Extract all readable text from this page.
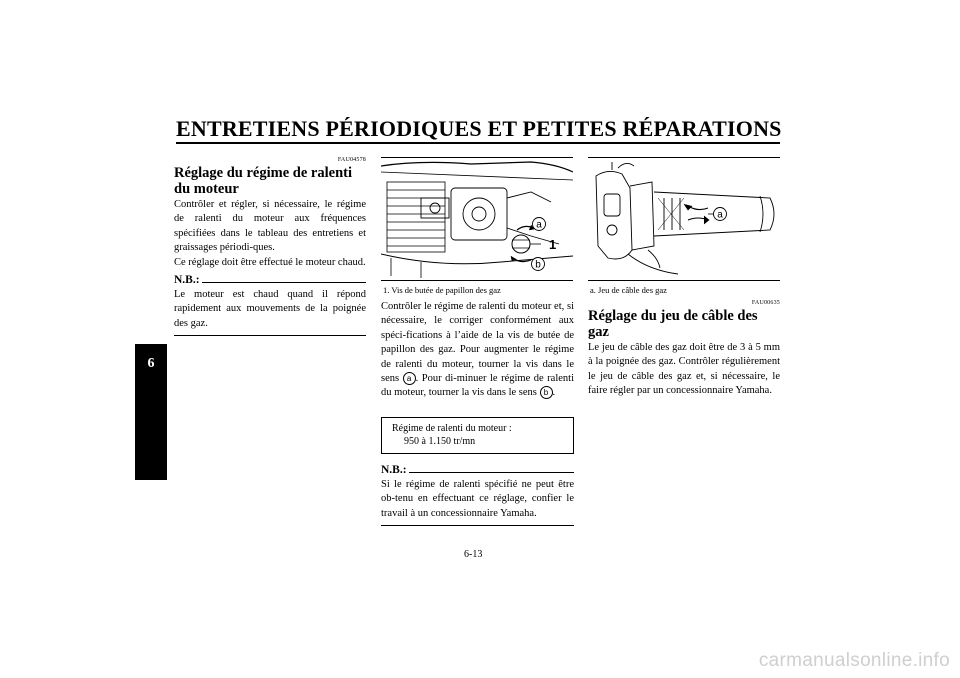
ENTRETIENS PÉRIODIQUES ET PETITES RÉPARATIONS
6
FAU04578
Réglage du régime de ralenti du moteur
Contrôler et régler, si nécessaire, le régime de ralenti du moteur aux fréquences spécifiées dans le tableau des entretiens et graissages périodi-ques.
Ce réglage doit être effectué le moteur chaud.
N.B.:
Le moteur est chaud quand il répond rapidement aux mouvements de la poignée des gaz.
a
1
b
1. Vis de butée de papillon des gaz
Contrôler le régime de ralenti du moteur et, si nécessaire, le corriger conformément aux spéci-fications à l’aide de la vis de butée de papillon des gaz. Pour augmenter le régime de ralenti du moteur, tourner la vis dans le sens a . Pour di-minuer le régime de ralenti du moteur, tourner la vis dans le sens b .
Régime de ralenti du moteur :
950 à 1.150 tr/mn
N.B.:
Si le régime de ralenti spécifié ne peut être ob-tenu en effectuant ce réglage, confier le travail à un concessionnaire Yamaha.
a
a. Jeu de câble des gaz
FAU00635
Réglage du jeu de câble des gaz
Le jeu de câble des gaz doit être de 3 à 5 mm à la poignée des gaz. Contrôler régulièrement le jeu de câble des gaz et, si nécessaire, le faire régler par un concessionnaire Yamaha.
6-13
carmanualsonline.info
